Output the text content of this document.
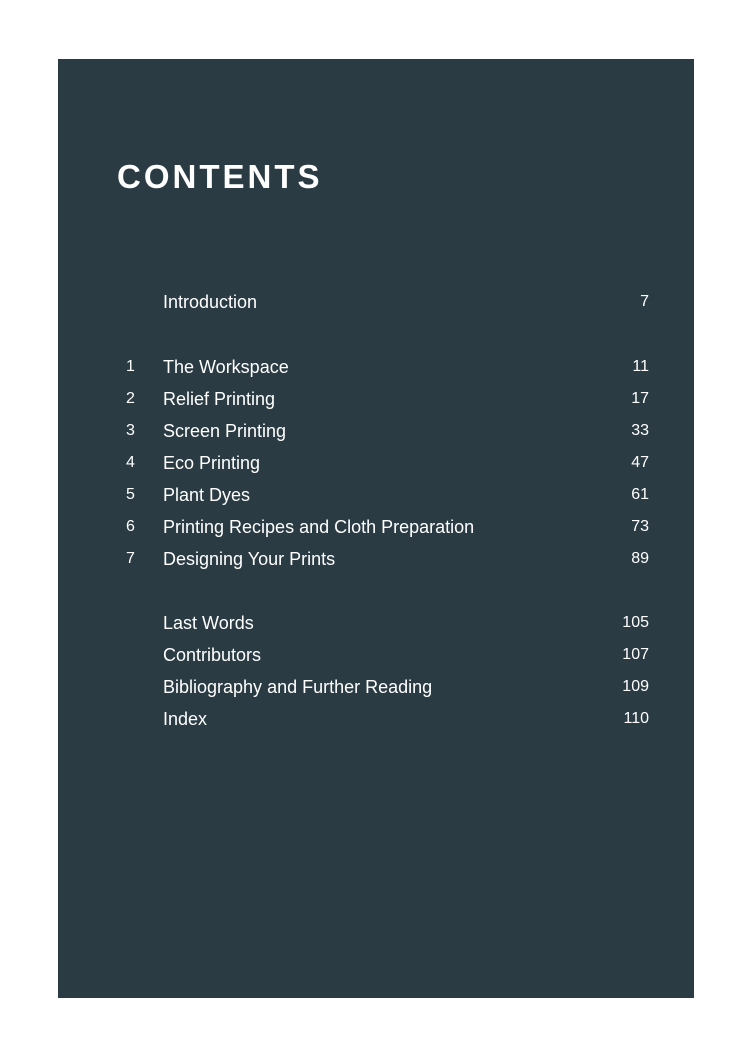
CONTENTS
Introduction	7
1	The Workspace	11
2	Relief Printing	17
3	Screen Printing	33
4	Eco Printing	47
5	Plant Dyes	61
6	Printing Recipes and Cloth Preparation	73
7	Designing Your Prints	89
Last Words	105
Contributors	107
Bibliography and Further Reading	109
Index	110
